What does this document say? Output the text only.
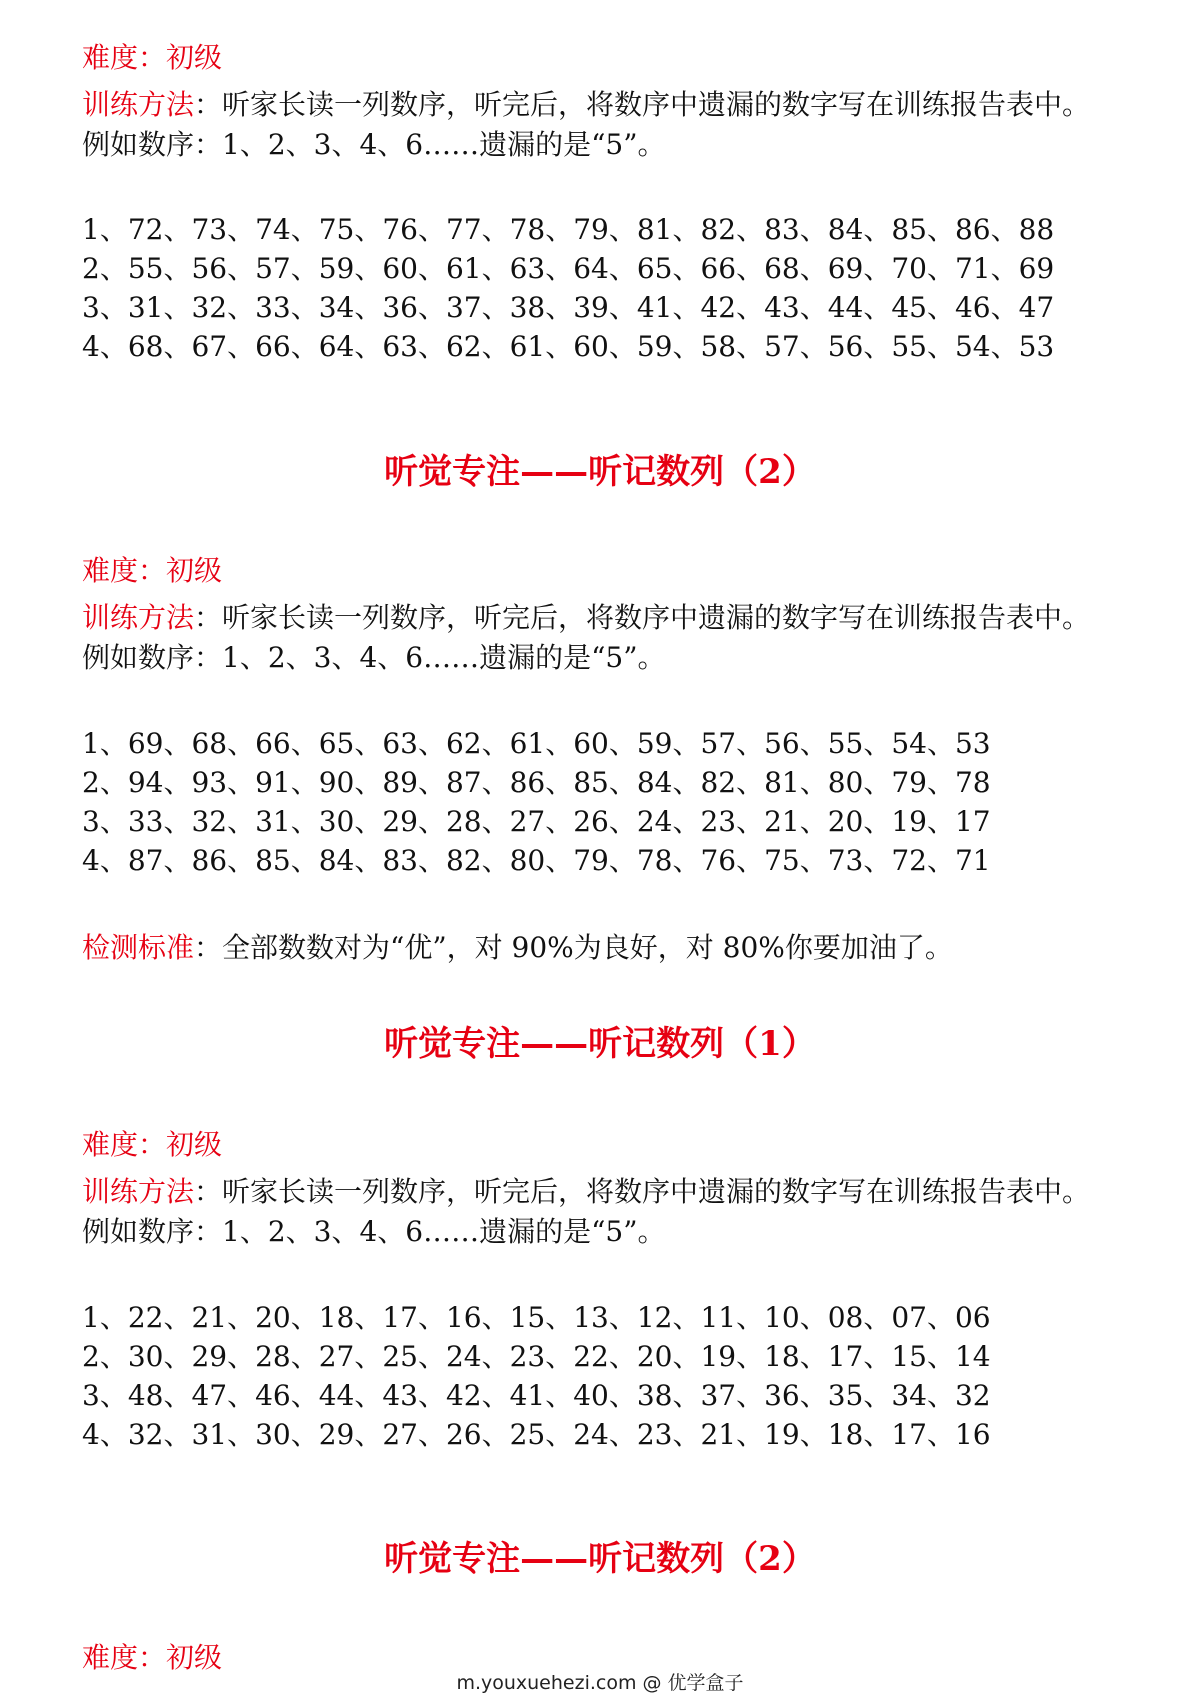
难度：初级
训练方法：听家长读一列数序，听完后，将数序中遗漏的数字写在训练报告表中。
例如数序：1、2、3、4、6……遗漏的是“5”。
1、72、73、74、75、76、77、78、79、81、82、83、84、85、86、88
2、55、56、57、59、60、61、63、64、65、66、68、69、70、71、69
3、31、32、33、34、36、37、38、39、41、42、43、44、45、46、47
4、68、67、66、64、63、62、61、60、59、58、57、56、55、54、53
听觉专注——听记数列（2）
难度：初级
训练方法：听家长读一列数序，听完后，将数序中遗漏的数字写在训练报告表中。
例如数序：1、2、3、4、6……遗漏的是“5”。
1、69、68、66、65、63、62、61、60、59、57、56、55、54、53
2、94、93、91、90、89、87、86、85、84、82、81、80、79、78
3、33、32、31、30、29、28、27、26、24、23、21、20、19、17
4、87、86、85、84、83、82、80、79、78、76、75、73、72、71
检测标准：全部数数对为“优”，对 90%为良好，对 80%你要加油了。
听觉专注——听记数列（1）
难度：初级
训练方法：听家长读一列数序，听完后，将数序中遗漏的数字写在训练报告表中。
例如数序：1、2、3、4、6……遗漏的是“5”。
1、22、21、20、18、17、16、15、13、12、11、10、08、07、06
2、30、29、28、27、25、24、23、22、20、19、18、17、15、14
3、48、47、46、44、43、42、41、40、38、37、36、35、34、32
4、32、31、30、29、27、26、25、24、23、21、19、18、17、16
听觉专注——听记数列（2）
难度：初级
m.youxuehezi.com @ 优学盒子
